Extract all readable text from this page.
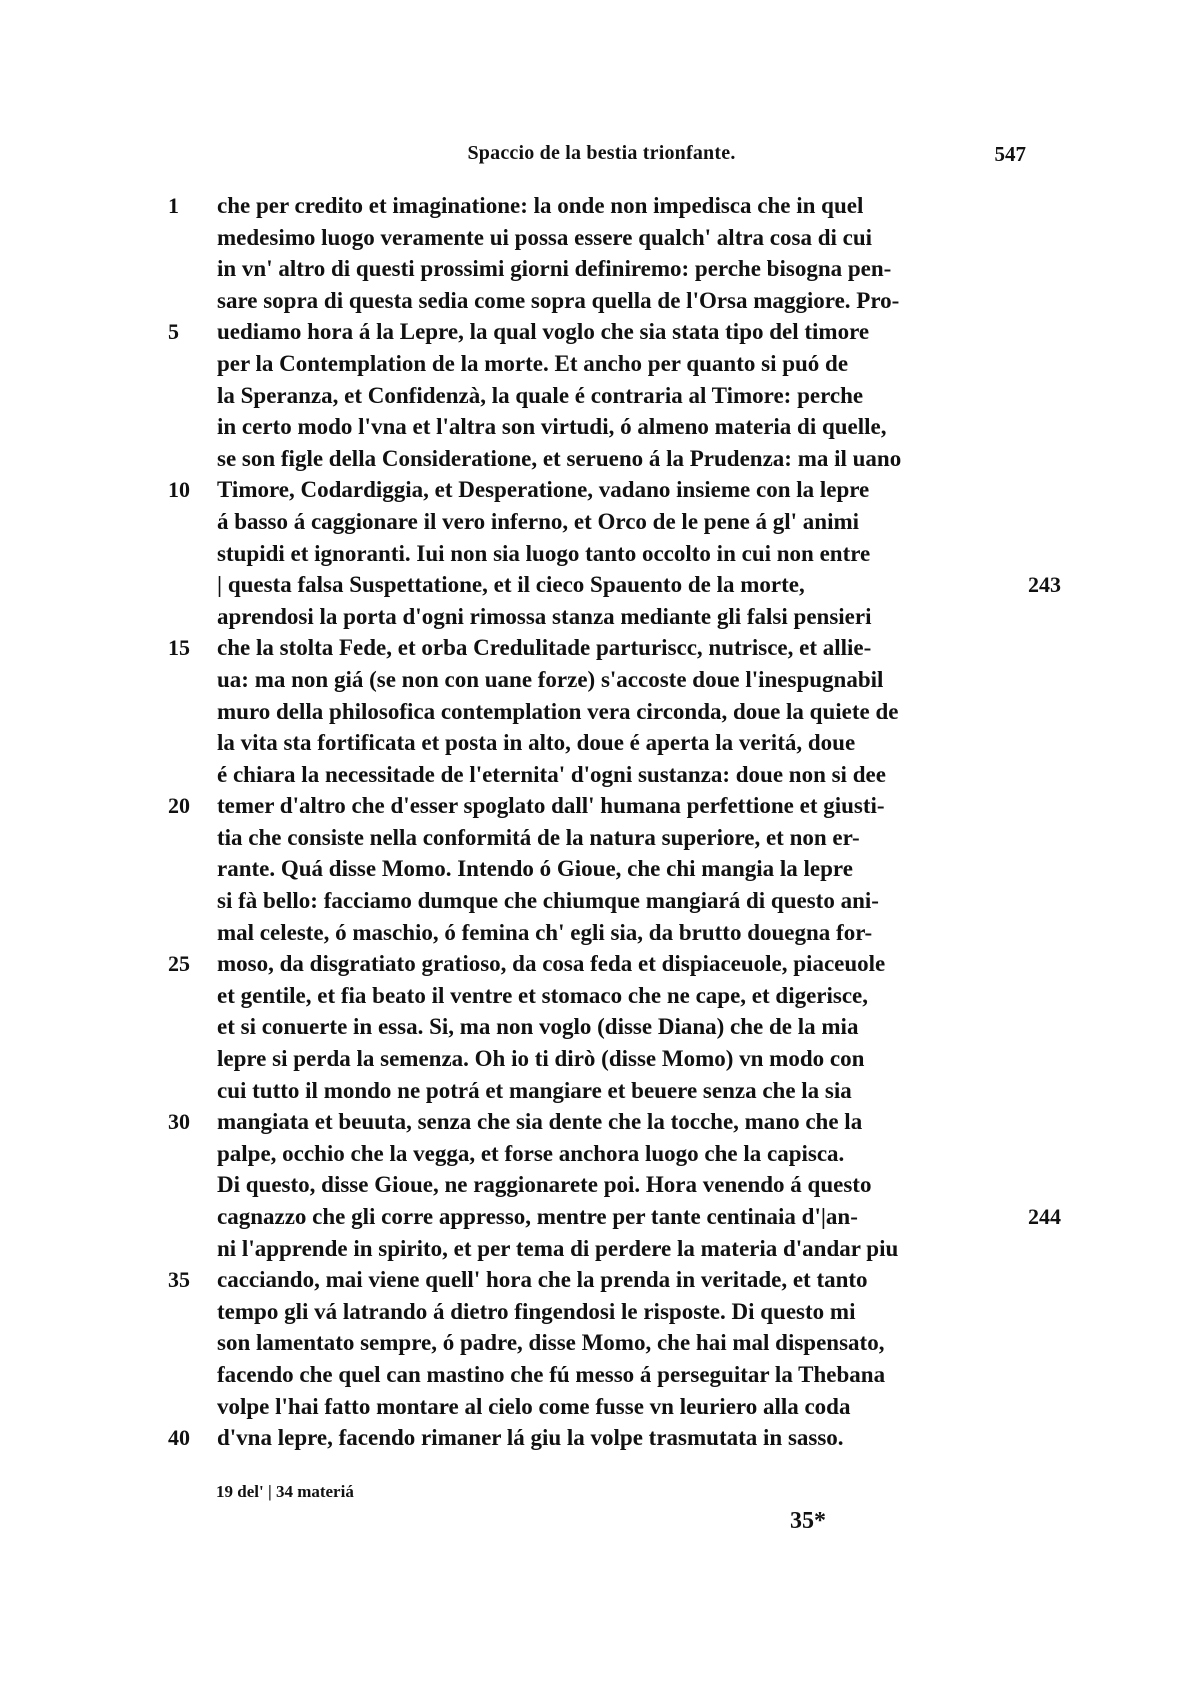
Spaccio de la bestia trionfante.	547
1	che per credito et imaginatione: la onde non impedisca che in quel
medesimo luogo veramente ui possa essere qualch' altra cosa di cui
in vn' altro di questi prossimi giorni definiremo: perche bisogna pen-
sare sopra di questa sedia come sopra quella de l'Orsa maggiore. Pro-
5	uediamo hora á la Lepre, la qual voglo che sia stata tipo del timore
per la Contemplation de la morte. Et ancho per quanto si puó de
la Speranza, et Confidenzà, la quale é contraria al Timore: perche
in certo modo l'vna et l'altra son virtudi, ó almeno materia di quelle,
se son figle della Consideratione, et serueno á la Prudenza: ma il uano
10	Timore, Codardiggia, et Desperatione, vadano insieme con la lepre
á basso á caggionare il vero inferno, et Orco de le pene á gl' animi
stupidi et ignoranti. Iui non sia luogo tanto occolto in cui non entre
| questa falsa Suspettatione, et il cieco Spauento de la morte,	243
aprendosi la porta d'ogni rimossa stanza mediante gli falsi pensieri
15	che la stolta Fede, et orba Credulitade parturiscc, nutrisce, et allie-
ua: ma non giá (se non con uane forze) s'accoste doue l'inespugnabil
muro della philosofica contemplation vera circonda, doue la quiete de
la vita sta fortificata et posta in alto, doue é aperta la veritá, doue
é chiara la necessitade de l'eternita' d'ogni sustanza: doue non si dee
20	temer d'altro che d'esser spoglato dall' humana perfettione et giusti-
tia che consiste nella conformitá de la natura superiore, et non er-
rante. Quá disse Momo. Intendo ó Gioue, che chi mangia la lepre
si fà bello: facciamo dumque che chiumque mangiará di questo ani-
mal celeste, ó maschio, ó femina ch' egli sia, da brutto douegna for-
25	moso, da disgratiato gratioso, da cosa feda et dispiaceuole, piaceuole
et gentile, et fia beato il ventre et stomaco che ne cape, et digerisce,
et si conuerte in essa. Si, ma non voglo (disse Diana) che de la mia
lepre si perda la semenza. Oh io ti dirò (disse Momo) vn modo con
cui tutto il mondo ne potrá et mangiare et beuere senza che la sia
30	mangiata et beuuta, senza che sia dente che la tocche, mano che la
palpe, occhio che la vegga, et forse anchora luogo che la capisca.
Di questo, disse Gioue, ne raggionarete poi. Hora venendo á questo
cagnazzo che gli corre appresso, mentre per tante centinaia d'|an-	244
ni l'apprende in spirito, et per tema di perdere la materia d'andar piu
35	cacciando, mai viene quell' hora che la prenda in veritade, et tanto
tempo gli vá latrando á dietro fingendosi le risposte. Di questo mi
son lamentato sempre, ó padre, disse Momo, che hai mal dispensato,
facendo che quel can mastino che fú messo á perseguitar la Thebana
volpe l'hai fatto montare al cielo come fusse vn leuriero alla coda
40	d'vna lepre, facendo rimaner lá giu la volpe trasmutata in sasso.
19 del' | 34 materiá
35*
